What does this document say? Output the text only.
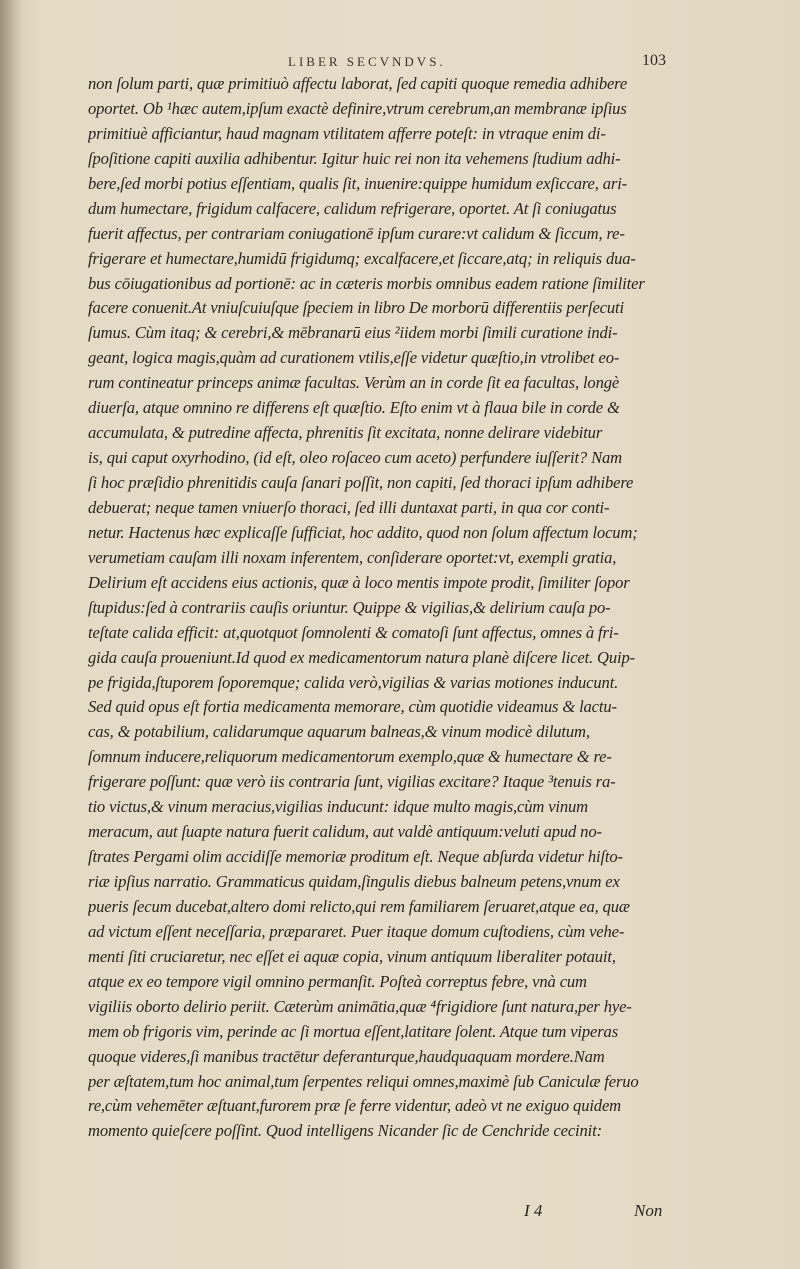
LIBER SECVNDVS.	103
non ſolum parti, quæ primitiuò affectu laborat, ſed capiti quoque remedia adhibere
oportet. Ob ¹hæc autem,ipſum exactè definire,vtrum cerebrum,an membranæ ipſius
primitiuè afficiantur, haud magnam vtilitatem afferre poteſt: in vtraque enim di-
ſpoſitione capiti auxilia adhibentur. Igitur huic rei non ita vehemens ſtudium adhi-
bere,ſed morbi potius eſſentiam, qualis ſit, inuenire:quippe humidum exſiccare, ari-
dum humectare, frigidum calfacere, calidum refrigerare, oportet. At ſi coniugatus
fuerit affectus, per contrariam coniugationē ipſum curare:vt calidum & ſiccum, re-
frigerare et humectare,humidū frigidumq; excalfacere,et ſiccare,atq; in reliquis dua-
bus cōiugationibus ad portionē: ac in cæteris morbis omnibus eadem ratione ſimiliter
facere conuenit.At vniuſcuiuſque ſpeciem in libro De morborū differentiis perſecuti
ſumus. Cùm itaq; & cerebri,& mēbranarū eius ²iidem morbi ſimili curatione indi-
geant, logica magis,quàm ad curationem vtilis,eſſe videtur quæſtio,in vtrolibet eo-
rum contineatur princeps animæ facultas. Verùm an in corde ſit ea facultas, longè
diuerſa, atque omnino re differens eſt quæſtio. Eſto enim vt à flaua bile in corde &
accumulata, & putredine affecta, phrenitis ſit excitata, nonne delirare videbitur
is, qui caput oxyrhodino, (id eſt, oleo roſaceo cum aceto) perfundere iuſſerit? Nam
ſi hoc præſidio phrenitidis cauſa ſanari poſſit, non capiti, ſed thoraci ipſum adhibere
debuerat; neque tamen vniuerſo thoraci, ſed illi duntaxat parti, in qua cor conti-
netur. Hactenus hæc explicaſſe ſufficiat, hoc addito, quod non ſolum affectum locum;
verumetiam cauſam illi noxam inferentem, conſiderare oportet:vt, exempli gratia,
Delirium eſt accidens eius actionis, quæ à loco mentis impote prodit, ſimiliter ſopor
ſtupidus:ſed à contrariis cauſis oriuntur. Quippe & vigilias,& delirium cauſa po-
teſtate calida efficit: at,quotquot ſomnolenti & comatoſi ſunt affectus, omnes à fri-
gida cauſa proueniunt.Id quod ex medicamentorum natura planè diſcere licet. Quip-
pe frigida,ſtuporem ſoporemque; calida verò,vigilias & varias motiones inducunt.
Sed quid opus eſt fortia medicamenta memorare, cùm quotidie videamus & lactu-
cas, & potabilium, calidarumque aquarum balneas,& vinum modicè dilutum,
ſomnum inducere,reliquorum medicamentorum exemplo,quæ & humectare & re-
frigerare poſſunt: quæ verò iis contraria ſunt, vigilias excitare? Itaque ³tenuis ra-
tio victus,& vinum meracius,vigilias inducunt: idque multo magis,cùm vinum
meracum, aut ſuapte natura fuerit calidum, aut valdè antiquum:veluti apud no-
ſtrates Pergami olim accidiſſe memoriæ proditum eſt. Neque abſurda videtur hiſto-
riæ ipſius narratio. Grammaticus quidam,ſingulis diebus balneum petens,vnum ex
pueris ſecum ducebat,altero domi relicto,qui rem familiarem ſeruaret,atque ea, quæ
ad victum eſſent neceſſaria, præpararet. Puer itaque domum cuſtodiens, cùm vehe-
menti ſiti cruciaretur, nec eſſet ei aquæ copia, vinum antiquum liberaliter potauit,
atque ex eo tempore vigil omnino permanſit. Poſteà correptus febre, vnà cum
vigiliis oborto delirio periit. Cæterùm animātia,quæ ⁴frigidiore ſunt natura,per hye-
mem ob frigoris vim, perinde ac ſi mortua eſſent,latitare ſolent. Atque tum viperas
quoque videres,ſi manibus tractētur deferanturque,haudquaquam mordere.Nam
per æſtatem,tum hoc animal,tum ſerpentes reliqui omnes,maximè ſub Caniculæ feruo
re,cùm vehemēter æſtuant,furorem præ ſe ferre videntur, adeò vt ne exiguo quidem
momento quieſcere poſſint. Quod intelligens Nicander ſic de Cenchride cecinit:
I 4	Non
